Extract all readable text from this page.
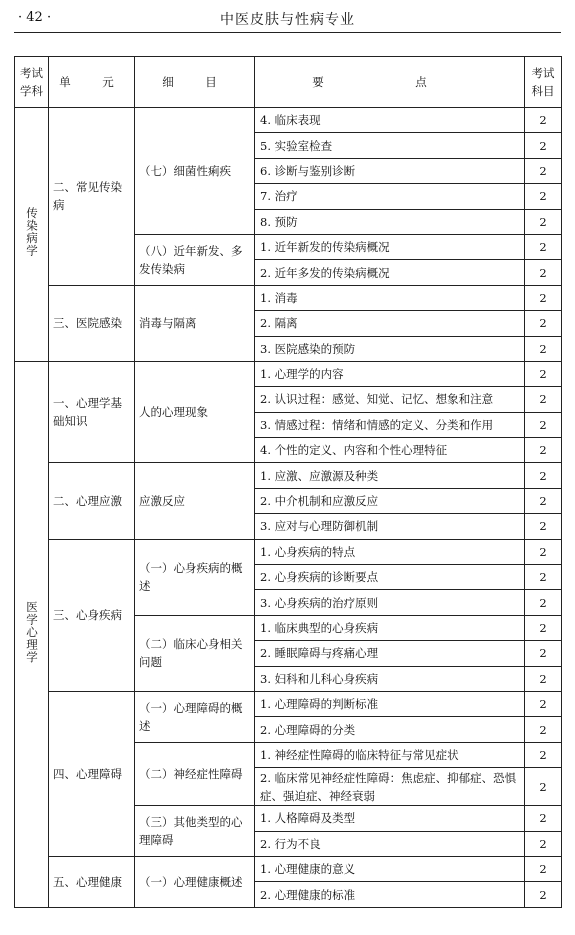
· 42 ·	中医皮肤与性病专业
考试学科	单　元	细　目	要　点	考试科目
传染病学	二、常见传染病	（七）细菌性痢疾	4. 临床表现	2
			5. 实验室检查	2
			6. 诊断与鉴别诊断	2
			7. 治疗	2
			8. 预防	2
		（八）近年新发、多发传染病	1. 近年新发的传染病概况	2
			2. 近年多发的传染病概况	2
	三、医院感染	消毒与隔离	1. 消毒	2
			2. 隔离	2
			3. 医院感染的预防	2
医学心理学	一、心理学基础知识	人的心理现象	1. 心理学的内容	2
			2. 认识过程：感觉、知觉、记忆、想象和注意	2
			3. 情感过程：情绪和情感的定义、分类和作用	2
			4. 个性的定义、内容和个性心理特征	2
	二、心理应激	应激反应	1. 应激、应激源及种类	2
			2. 中介机制和应激反应	2
			3. 应对与心理防御机制	2
	三、心身疾病	（一）心身疾病的概述	1. 心身疾病的特点	2
			2. 心身疾病的诊断要点	2
			3. 心身疾病的治疗原则	2
		（二）临床心身相关问题	1. 临床典型的心身疾病	2
			2. 睡眠障碍与疼痛心理	2
			3. 妇科和儿科心身疾病	2
	四、心理障碍	（一）心理障碍的概述	1. 心理障碍的判断标准	2
			2. 心理障碍的分类	2
		（二）神经症性障碍	1. 神经症性障碍的临床特征与常见症状	2
			2. 临床常见神经症性障碍：焦虑症、抑郁症、恐惧症、强迫症、神经衰弱	2
		（三）其他类型的心理障碍	1. 人格障碍及类型	2
			2. 行为不良	2
	五、心理健康	（一）心理健康概述	1. 心理健康的意义	2
			2. 心理健康的标准	2
